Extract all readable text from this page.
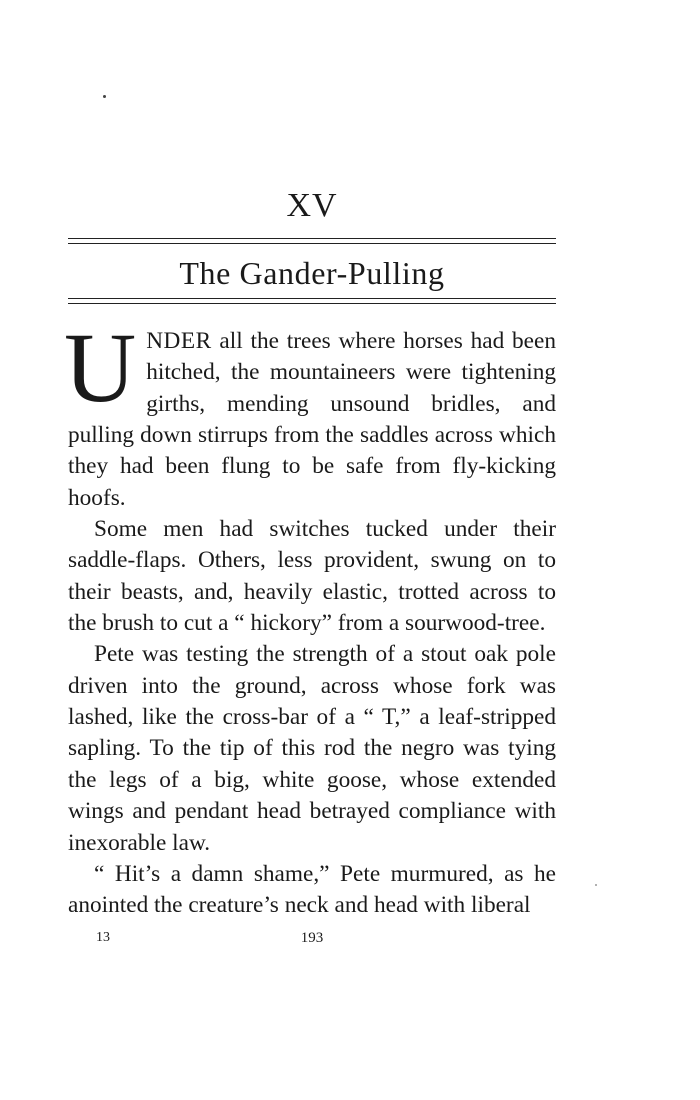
XV
The Gander-Pulling

UNDER all the trees where horses had been hitched, the mountaineers were tightening girths, mending unsound bridles, and pulling down stirrups from the saddles across which they had been flung to be safe from fly-kicking hoofs.

Some men had switches tucked under their saddle-flaps. Others, less provident, swung on to their beasts, and, heavily elastic, trotted across to the brush to cut a “ hickory” from a sourwood-tree.

Pete was testing the strength of a stout oak pole driven into the ground, across whose fork was lashed, like the cross-bar of a “ T,” a leaf-stripped sapling. To the tip of this rod the negro was tying the legs of a big, white goose, whose extended wings and pendant head betrayed compliance with inexorable law.

“ Hit’s a damn shame,” Pete murmured, as he anointed the creature’s neck and head with liberal

13	193
